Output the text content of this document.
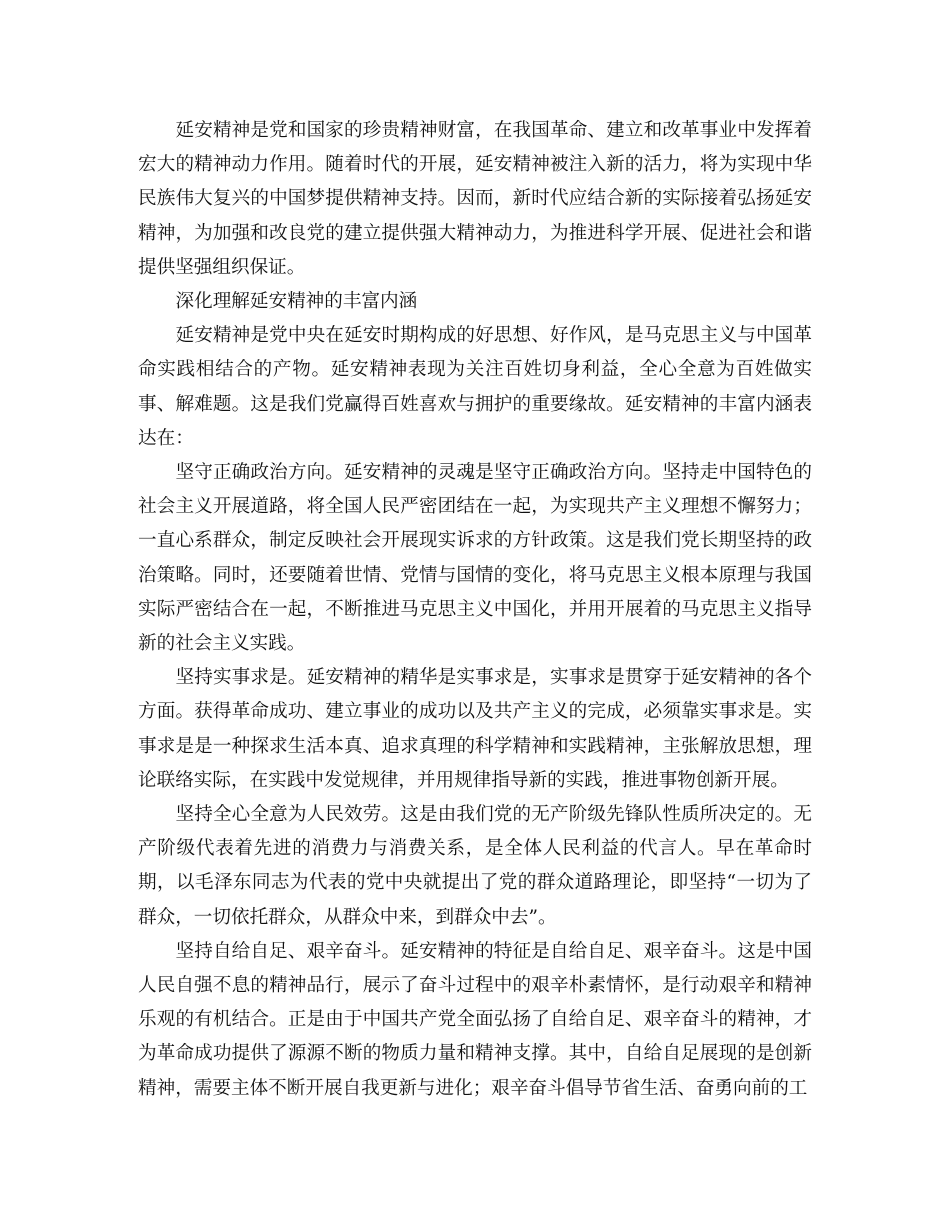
延安精神是党和国家的珍贵精神财富，在我国革命、建立和改革事业中发挥着宏大的精神动力作用。随着时代的开展，延安精神被注入新的活力，将为实现中华民族伟大复兴的中国梦提供精神支持。因而，新时代应结合新的实际接着弘扬延安精神，为加强和改良党的建立提供强大精神动力，为推进科学开展、促进社会和谐提供坚强组织保证。

深化理解延安精神的丰富内涵

延安精神是党中央在延安时期构成的好思想、好作风，是马克思主义与中国革命实践相结合的产物。延安精神表现为关注百姓切身利益，全心全意为百姓做实事、解难题。这是我们党赢得百姓喜欢与拥护的重要缘故。延安精神的丰富内涵表达在：

坚守正确政治方向。延安精神的灵魂是坚守正确政治方向。坚持走中国特色的社会主义开展道路，将全国人民严密团结在一起，为实现共产主义理想不懈努力；一直心系群众，制定反映社会开展现实诉求的方针政策。这是我们党长期坚持的政治策略。同时，还要随着世情、党情与国情的变化，将马克思主义根本原理与我国实际严密结合在一起，不断推进马克思主义中国化，并用开展着的马克思主义指导新的社会主义实践。

坚持实事求是。延安精神的精华是实事求是，实事求是贯穿于延安精神的各个方面。获得革命成功、建立事业的成功以及共产主义的完成，必须靠实事求是。实事求是是一种探求生活本真、追求真理的科学精神和实践精神，主张解放思想，理论联络实际，在实践中发觉规律，并用规律指导新的实践，推进事物创新开展。

坚持全心全意为人民效劳。这是由我们党的无产阶级先锋队性质所决定的。无产阶级代表着先进的消费力与消费关系，是全体人民利益的代言人。早在革命时期，以毛泽东同志为代表的党中央就提出了党的群众道路理论，即坚持“一切为了群众，一切依托群众，从群众中来，到群众中去”。

坚持自给自足、艰辛奋斗。延安精神的特征是自给自足、艰辛奋斗。这是中国人民自强不息的精神品行，展示了奋斗过程中的艰辛朴素情怀，是行动艰辛和精神乐观的有机结合。正是由于中国共产党全面弘扬了自给自足、艰辛奋斗的精神，才为革命成功提供了源源不断的物质力量和精神支撑。其中，自给自足展现的是创新精神，需要主体不断开展自我更新与进化；艰辛奋斗倡导节省生活、奋勇向前的工
